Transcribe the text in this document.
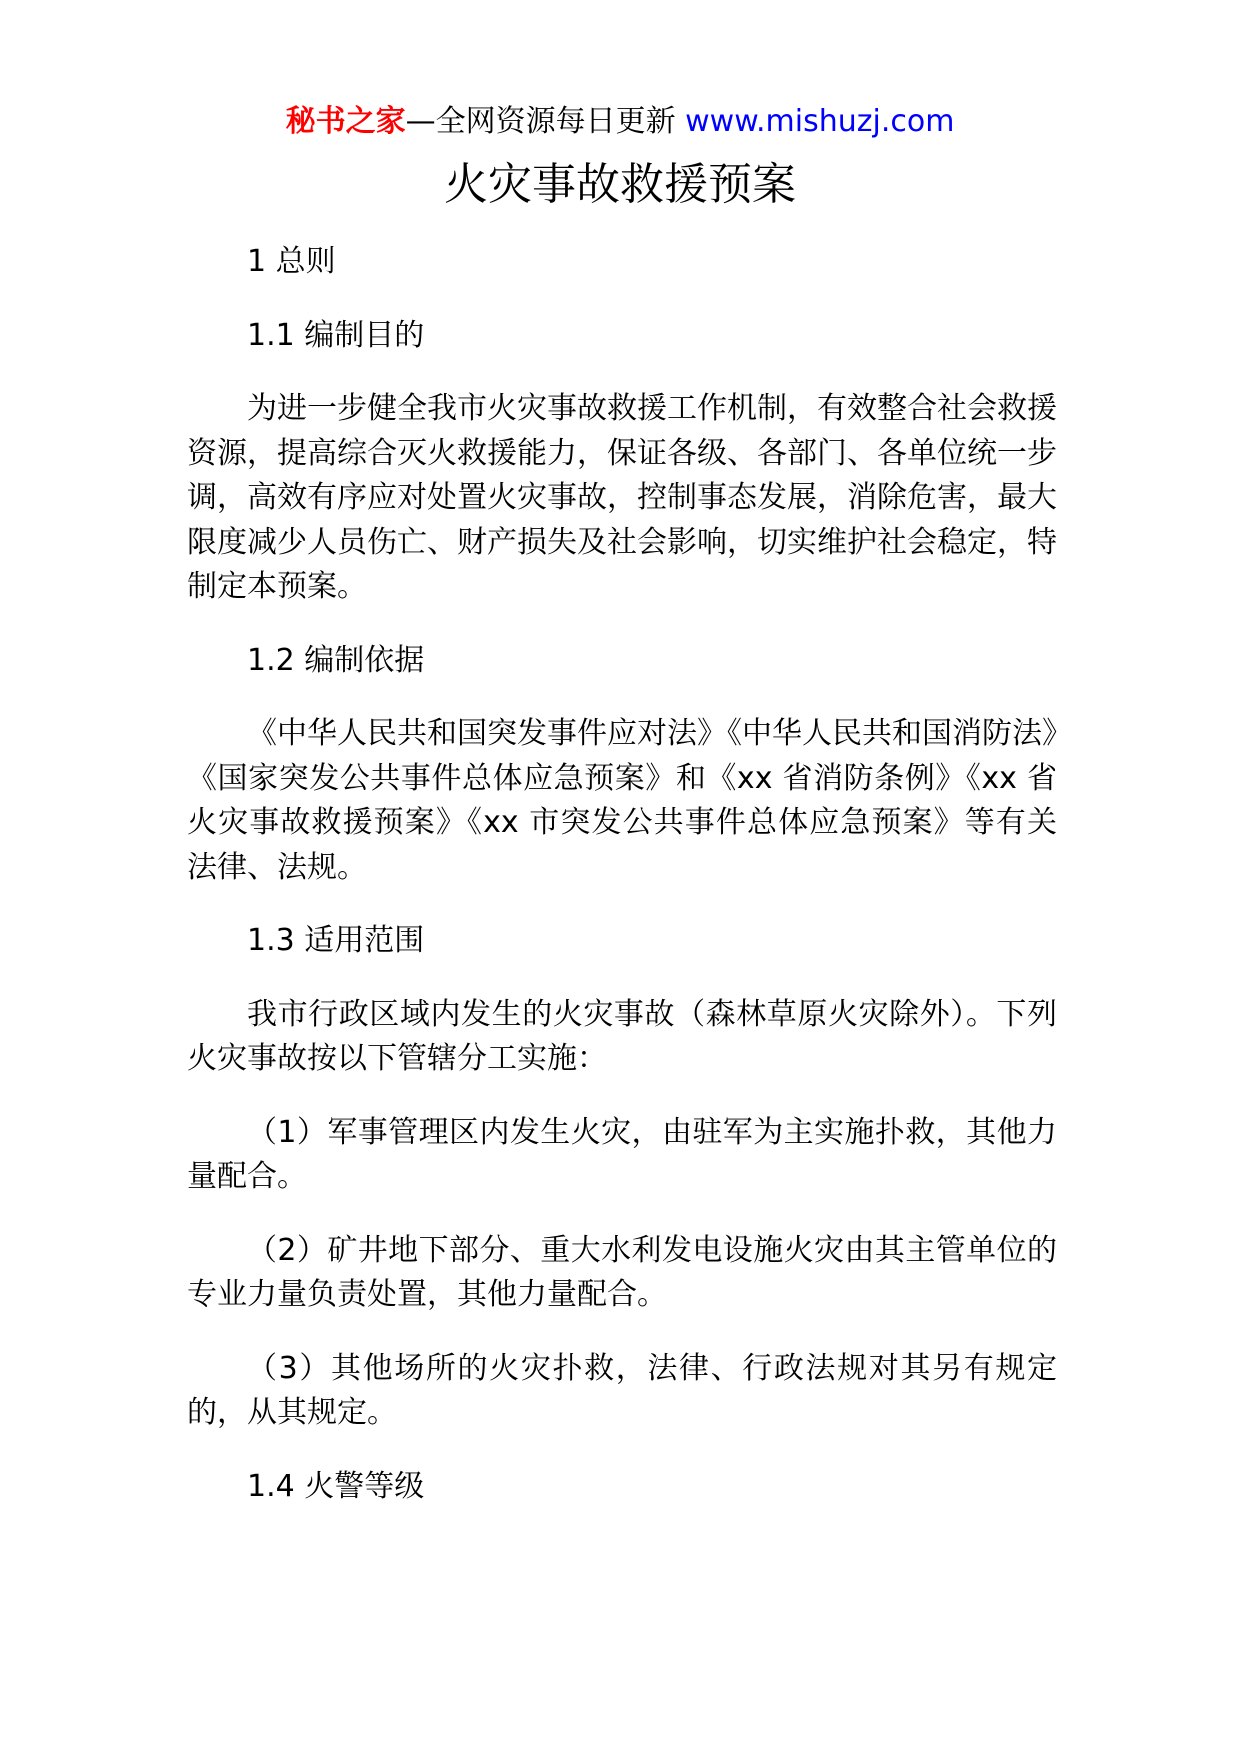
秘书之家—全网资源每日更新 www.mishuzj.com
火灾事故救援预案

1 总则

1.1 编制目的

为进一步健全我市火灾事故救援工作机制，有效整合社会救援资源，提高综合灭火救援能力，保证各级、各部门、各单位统一步调，高效有序应对处置火灾事故，控制事态发展，消除危害，最大限度减少人员伤亡、财产损失及社会影响，切实维护社会稳定，特制定本预案。

1.2 编制依据

《中华人民共和国突发事件应对法》《中华人民共和国消防法》《国家突发公共事件总体应急预案》和《xx 省消防条例》《xx 省火灾事故救援预案》《xx 市突发公共事件总体应急预案》等有关法律、法规。

1.3 适用范围

我市行政区域内发生的火灾事故（森林草原火灾除外）。下列火灾事故按以下管辖分工实施：

（1）军事管理区内发生火灾，由驻军为主实施扑救，其他力量配合。

（2）矿井地下部分、重大水利发电设施火灾由其主管单位的专业力量负责处置，其他力量配合。

（3）其他场所的火灾扑救，法律、行政法规对其另有规定的，从其规定。

1.4 火警等级
